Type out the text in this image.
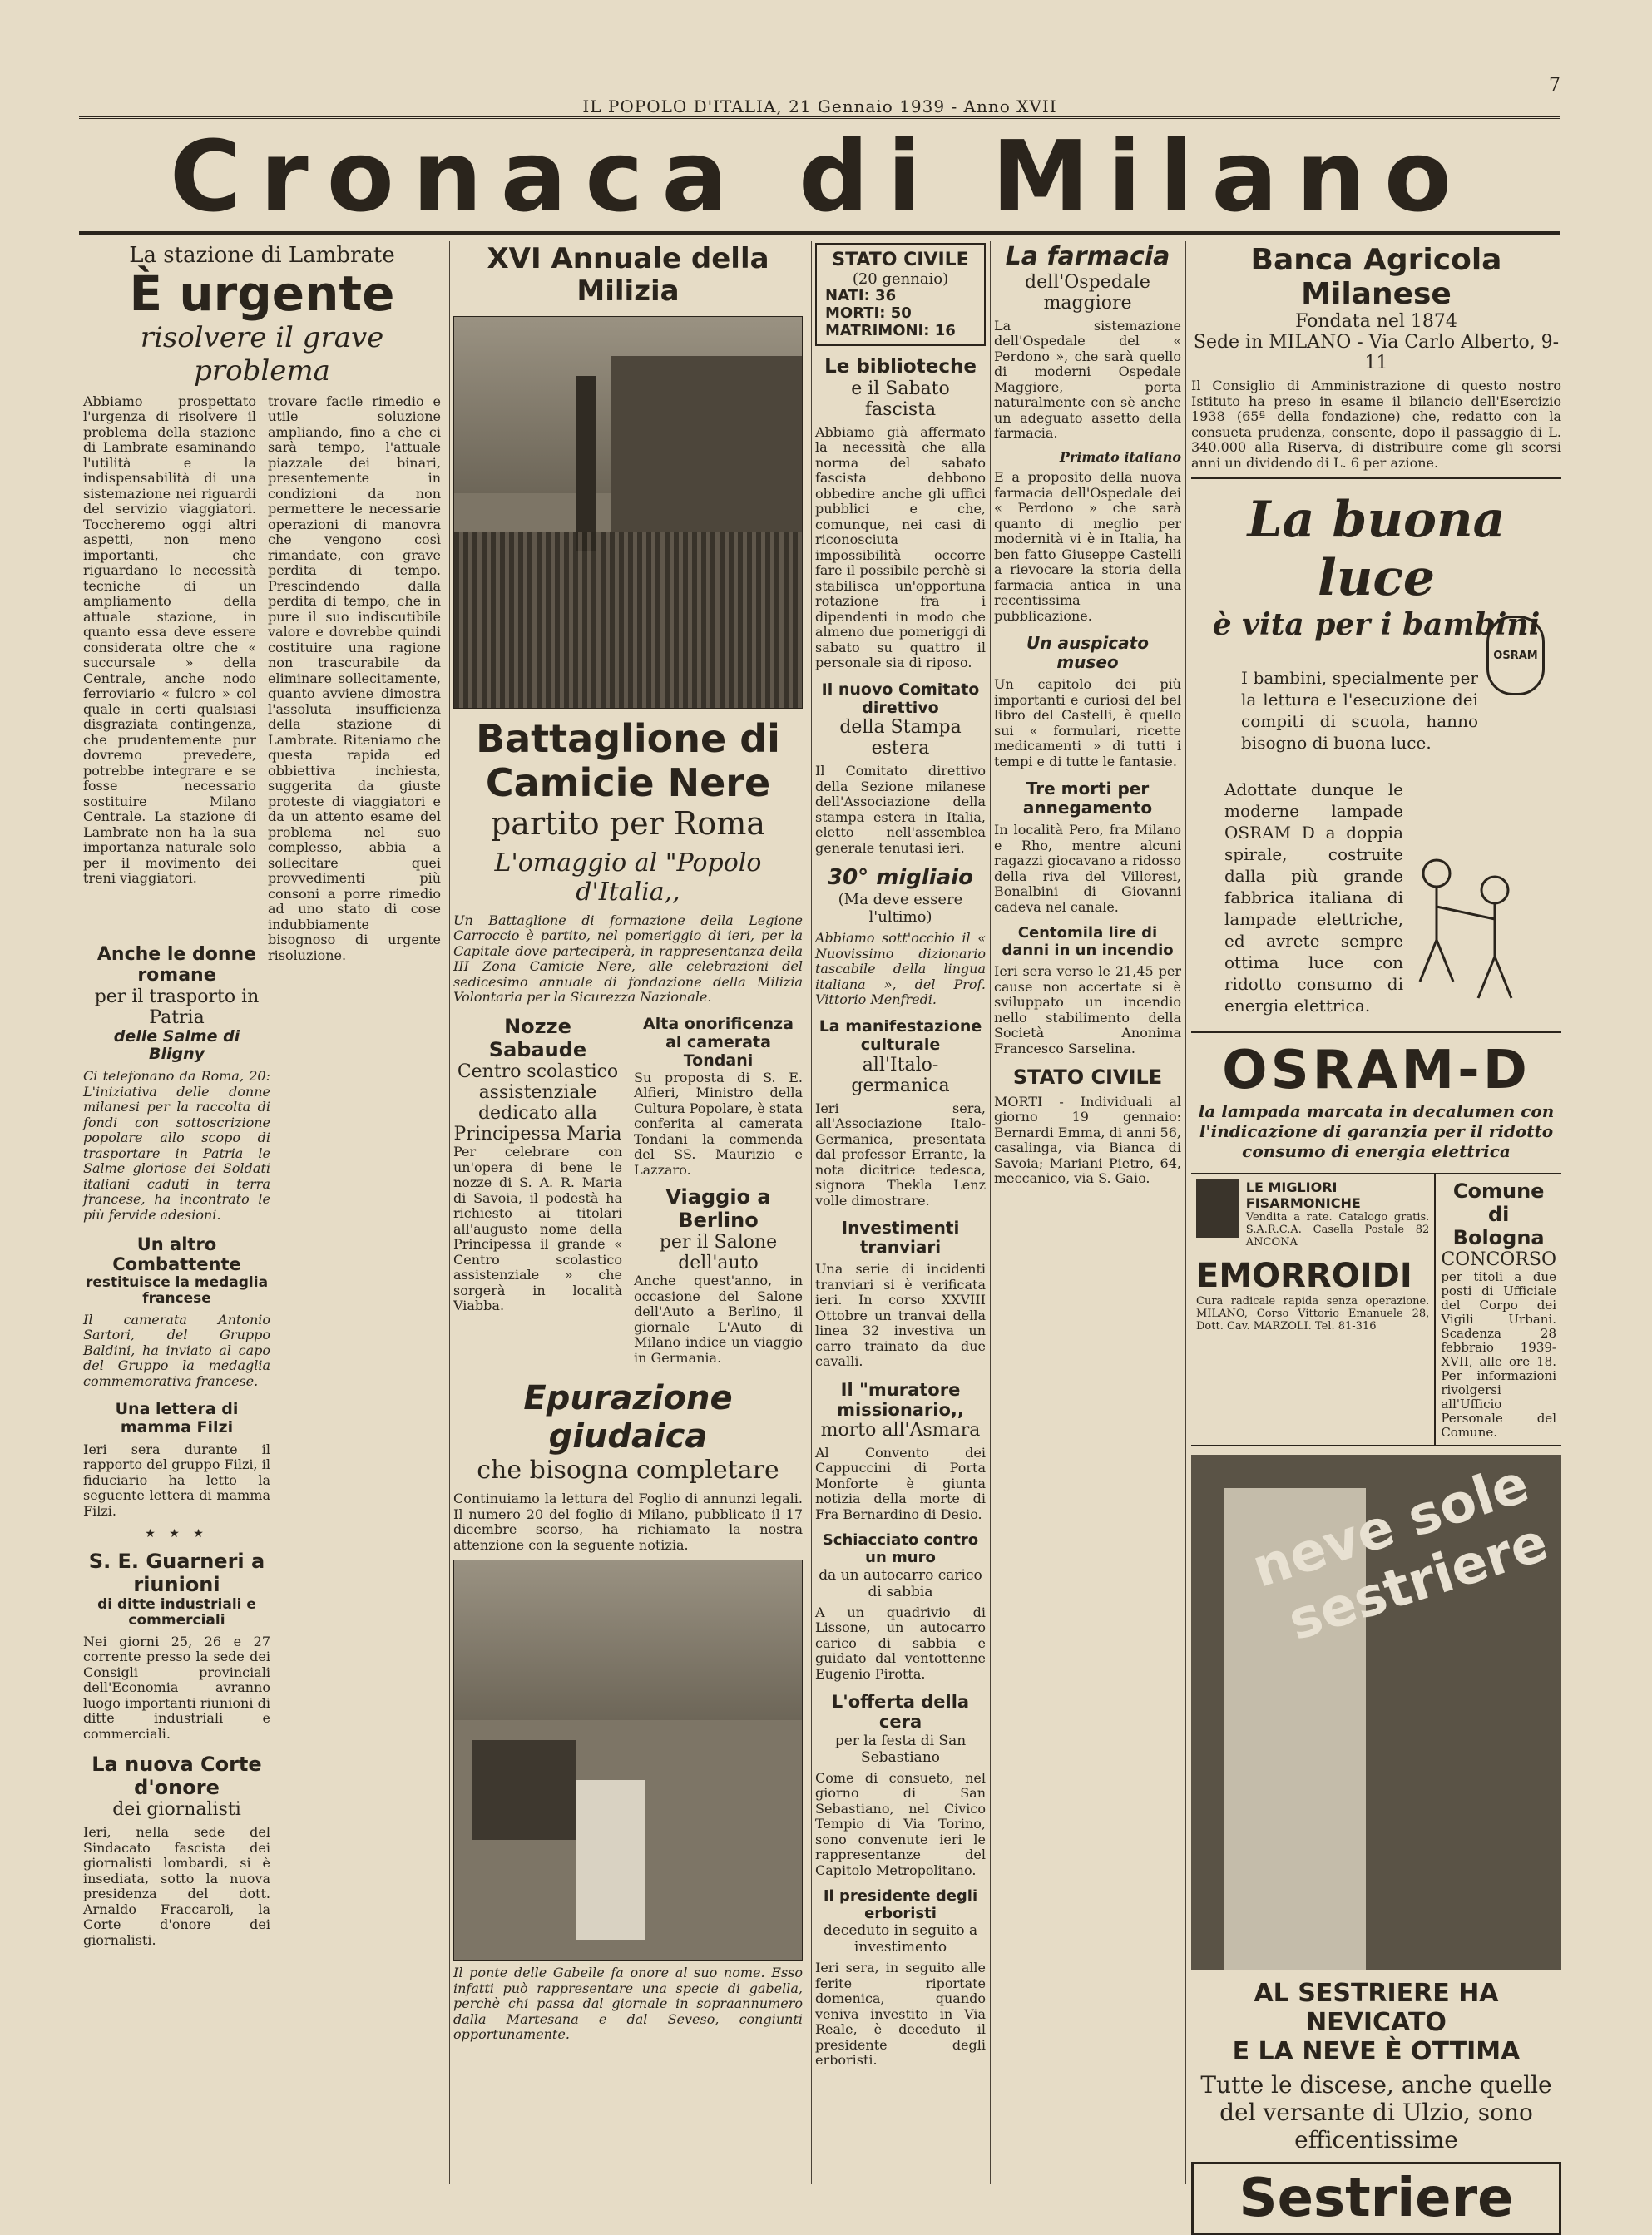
7
IL POPOLO D'ITALIA, 21 Gennaio 1939 - Anno XVII
Cronaca di Milano
La stazione di Lambrate
È urgente
risolvere il grave problema
Abbiamo prospettato l'urgenza di risolvere il problema della stazione di Lambrate esaminando l'utilità e la indispensabilità di una sistemazione nei riguardi del servizio viaggiatori. Toccheremo oggi altri aspetti, non meno importanti, che riguardano le necessità tecniche di un ampliamento della attuale stazione, in quanto essa deve essere considerata oltre che « succursale » della Centrale, anche nodo ferroviario « fulcro » col quale in certi qualsiasi disgraziata contingenza, che prudentemente pur dovremo prevedere, potrebbe integrare e se fosse necessario sostituire Milano Centrale. La stazione di Lambrate non ha la sua importanza naturale solo per il movimento dei treni viaggiatori.
trovare facile rimedio e utile soluzione ampliando, fino a che ci sarà tempo, l'attuale piazzale dei binari, presentemente in condizioni da non permettere le necessarie operazioni di manovra che vengono così rimandate, con grave perdita di tempo. Prescindendo dalla perdita di tempo, che in pure il suo indiscutibile valore e dovrebbe quindi costituire una ragione non trascurabile da eliminare sollecitamente, quanto avviene dimostra l'assoluta insufficienza della stazione di Lambrate. Riteniamo che questa rapida ed obbiettiva inchiesta, suggerita da giuste proteste di viaggiatori e da un attento esame del problema nel suo complesso, abbia a sollecitare quei provvedimenti più consoni a porre rimedio ad uno stato di cose indubbiamente bisognoso di urgente risoluzione.
Anche le donne romane
per il trasporto in Patria
delle Salme di Bligny
Ci telefonano da Roma, 20: L'iniziativa delle donne milanesi per la raccolta di fondi con sottoscrizione popolare allo scopo di trasportare in Patria le Salme gloriose dei Soldati italiani caduti in terra francese, ha incontrato le più fervide adesioni.
Un altro Combattente
restituisce la medaglia francese
Il camerata Antonio Sartori, del Gruppo Baldini, ha inviato al capo del Gruppo la medaglia commemorativa francese.
Una lettera di mamma Filzi
Ieri sera durante il rapporto del gruppo Filzi, il fiduciario ha letto la seguente lettera di mamma Filzi.
★ ★ ★
S. E. Guarneri a riunioni
di ditte industriali e commerciali
Nei giorni 25, 26 e 27 corrente presso la sede dei Consigli provinciali dell'Economia avranno luogo importanti riunioni di ditte industriali e commerciali.
La nuova Corte d'onore
dei giornalisti
Ieri, nella sede del Sindacato fascista dei giornalisti lombardi, si è insediata, sotto la nuova presidenza del dott. Arnaldo Fraccaroli, la Corte d'onore dei giornalisti.
XVI Annuale della Milizia
Battaglione di Camicie Nere
partito per Roma
L'omaggio al "Popolo d'Italia,,
Un Battaglione di formazione della Legione Carroccio è partito, nel pomeriggio di ieri, per la Capitale dove parteciperà, in rappresentanza della III Zona Camicie Nere, alle celebrazioni del sedicesimo annuale di fondazione della Milizia Volontaria per la Sicurezza Nazionale.
Nozze Sabaude
Centro scolastico assistenziale dedicato alla Principessa Maria
Per celebrare con un'opera di bene le nozze di S. A. R. Maria di Savoia, il podestà ha richiesto ai titolari all'augusto nome della Principessa il grande « Centro scolastico assistenziale » che sorgerà in località Viabba.
Alta onorificenza al camerata Tondani
Su proposta di S. E. Alfieri, Ministro della Cultura Popolare, è stata conferita al camerata Tondani la commenda del SS. Maurizio e Lazzaro.
Viaggio a Berlino
per il Salone dell'auto
Anche quest'anno, in occasione del Salone dell'Auto a Berlino, il giornale L'Auto di Milano indice un viaggio in Germania.
Epurazione giudaica
che bisogna completare
Continuiamo la lettura del Foglio di annunzi legali. Il numero 20 del foglio di Milano, pubblicato il 17 dicembre scorso, ha richiamato la nostra attenzione con la seguente notizia.
Il ponte delle Gabelle fa onore al suo nome. Esso infatti può rappresentare una specie di gabella, perchè chi passa dal giornale in sopraannumero dalla Martesana e dal Seveso, congiunti opportunamente.
STATO CIVILE
(20 gennaio)
NATI: 36
MORTI: 50
MATRIMONI: 16
Le biblioteche
e il Sabato fascista
Abbiamo già affermato la necessità che alla norma del sabato fascista debbono obbedire anche gli uffici pubblici e che, comunque, nei casi di riconosciuta impossibilità occorre fare il possibile perchè si stabilisca un'opportuna rotazione fra i dipendenti in modo che almeno due pomeriggi di sabato su quattro il personale sia di riposo.
Il nuovo Comitato direttivo
della Stampa estera
Il Comitato direttivo della Sezione milanese dell'Associazione della stampa estera in Italia, eletto nell'assemblea generale tenutasi ieri.
30° migliaio
(Ma deve essere l'ultimo)
Abbiamo sott'occhio il « Nuovissimo dizionario tascabile della lingua italiana », del Prof. Vittorio Menfredi.
La manifestazione culturale
all'Italo-germanica
Ieri sera, all'Associazione Italo-Germanica, presentata dal professor Errante, la nota dicitrice tedesca, signora Thekla Lenz volle dimostrare.
Investimenti tranviari
Una serie di incidenti tranviari si è verificata ieri. In corso XXVIII Ottobre un tranvai della linea 32 investiva un carro trainato da due cavalli.
Il "muratore missionario,,
morto all'Asmara
Al Convento dei Cappuccini di Porta Monforte è giunta notizia della morte di Fra Bernardino di Desio.
Schiacciato contro un muro
da un autocarro carico di sabbia
A un quadrivio di Lissone, un autocarro carico di sabbia e guidato dal ventottenne Eugenio Pirotta.
L'offerta della cera
per la festa di San Sebastiano
Come di consueto, nel giorno di San Sebastiano, nel Civico Tempio di Via Torino, sono convenute ieri le rappresentanze del Capitolo Metropolitano.
Il presidente degli erboristi
deceduto in seguito a investimento
Ieri sera, in seguito alle ferite riportate domenica, quando veniva investito in Via Reale, è deceduto il presidente degli erboristi.
La farmacia
dell'Ospedale maggiore
La sistemazione dell'Ospedale del « Perdono », che sarà quello di moderni Ospedale Maggiore, porta naturalmente con sè anche un adeguato assetto della farmacia.
Primato italiano
E a proposito della nuova farmacia dell'Ospedale dei « Perdono » che sarà quanto di meglio per modernità vi è in Italia, ha ben fatto Giuseppe Castelli a rievocare la storia della farmacia antica in una recentissima pubblicazione.
Un auspicato museo
Un capitolo dei più importanti e curiosi del bel libro del Castelli, è quello sui « formulari, ricette medicamenti » di tutti i tempi e di tutte le fantasie.
Tre morti per annegamento
In località Pero, fra Milano e Rho, mentre alcuni ragazzi giocavano a ridosso della riva del Villoresi, Bonalbini di Giovanni cadeva nel canale.
Centomila lire di danni in un incendio
Ieri sera verso le 21,45 per cause non accertate si è sviluppato un incendio nello stabilimento della Società Anonima Francesco Sarselina.
STATO CIVILE
MORTI - Individuali al giorno 19 gennaio: Bernardi Emma, di anni 56, casalinga, via Bianca di Savoia; Mariani Pietro, 64, meccanico, via S. Gaio.
Banca Agricola Milanese
Fondata nel 1874
Sede in MILANO - Via Carlo Alberto, 9-11
Il Consiglio di Amministrazione di questo nostro Istituto ha preso in esame il bilancio dell'Esercizio 1938 (65ª della fondazione) che, redatto con la consueta prudenza, consente, dopo il passaggio di L. 340.000 alla Riserva, di distribuire come gli scorsi anni un dividendo di L. 6 per azione.
La buona luce
è vita per i bambini
OSRAM
I bambini, specialmente per la lettura e l'esecuzione dei compiti di scuola, hanno bisogno di buona luce.
Adottate dunque le moderne lampade OSRAM D a doppia spirale, costruite dalla più grande fabbrica italiana di lampade elettriche, ed avrete sempre ottima luce con ridotto consumo di energia elettrica.
OSRAM-D
la lampada marcata in decalumen con l'indicazione di garanzia per il ridotto consumo di energia elettrica
LE MIGLIORI FISARMONICHE
Vendita a rate. Catalogo gratis. S.A.R.C.A. Casella Postale 82 ANCONA
EMORROIDI
Cura radicale rapida senza operazione. MILANO, Corso Vittorio Emanuele 28, Dott. Cav. MARZOLI. Tel. 81-316
Comune di Bologna
CONCORSO
per titoli a due posti di Ufficiale del Corpo dei Vigili Urbani. Scadenza 28 febbraio 1939-XVII, alle ore 18. Per informazioni rivolgersi all'Ufficio Personale del Comune.
neve sole sestriere
AL SESTRIERE HA NEVICATO
E LA NEVE È OTTIMA
Tutte le discese, anche quelle del versante di Ulzio, sono efficentissime
Sestriere
